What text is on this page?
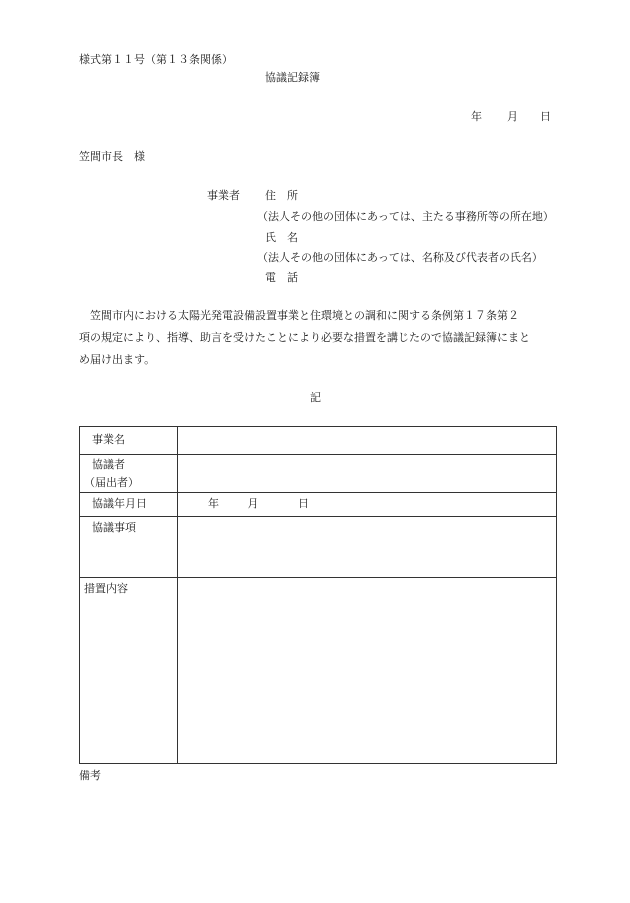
様式第１１号（第１３条関係）
協議記録簿
年 月 日
笠間市長　様
事業者 住　所
（法人その他の団体にあっては、主たる事務所等の所在地）
氏　名
（法人その他の団体にあっては、名称及び代表者の氏名）
電　話
笠間市内における太陽光発電設備設置事業と住環境との調和に関する条例第１７条第２
項の規定により、指導、助言を受けたことにより必要な措置を講じたので協議記録簿にまと
め届け出ます。
記
事業名	

協議者
（届出者）	

協議年月日	年 月 日

協議事項	

措置内容	

備考
